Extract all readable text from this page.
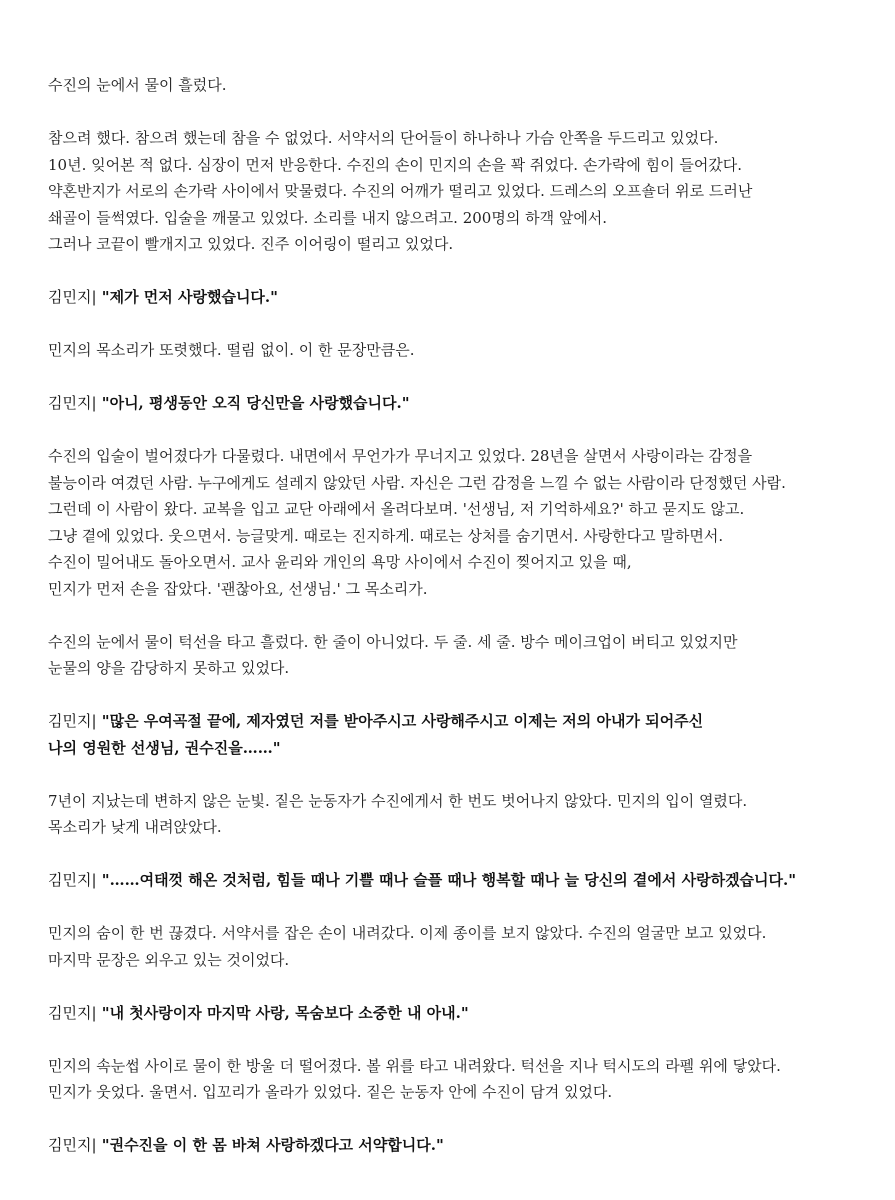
수진의 눈에서 물이 흘렀다.

참으려 했다. 참으려 했는데 참을 수 없었다. 서약서의 단어들이 하나하나 가슴 안쪽을 두드리고 있었다.
10년. 잊어본 적 없다. 심장이 먼저 반응한다. 수진의 손이 민지의 손을 꽉 쥐었다. 손가락에 힘이 들어갔다.
약혼반지가 서로의 손가락 사이에서 맞물렸다. 수진의 어깨가 떨리고 있었다. 드레스의 오프숄더 위로 드러난
쇄골이 들썩였다. 입술을 깨물고 있었다. 소리를 내지 않으려고. 200명의 하객 앞에서.
그러나 코끝이 빨개지고 있었다. 진주 이어링이 떨리고 있었다.

김민지| "제가 먼저 사랑했습니다."

민지의 목소리가 또렷했다. 떨림 없이. 이 한 문장만큼은.

김민지| "아니, 평생동안 오직 당신만을 사랑했습니다."

수진의 입술이 벌어졌다가 다물렸다. 내면에서 무언가가 무너지고 있었다. 28년을 살면서 사랑이라는 감정을
불능이라 여겼던 사람. 누구에게도 설레지 않았던 사람. 자신은 그런 감정을 느낄 수 없는 사람이라 단정했던 사람.
그런데 이 사람이 왔다. 교복을 입고 교단 아래에서 올려다보며. '선생님, 저 기억하세요?' 하고 묻지도 않고.
그냥 곁에 있었다. 웃으면서. 능글맞게. 때로는 진지하게. 때로는 상처를 숨기면서. 사랑한다고 말하면서.
수진이 밀어내도 돌아오면서. 교사 윤리와 개인의 욕망 사이에서 수진이 찢어지고 있을 때,
민지가 먼저 손을 잡았다. '괜찮아요, 선생님.' 그 목소리가.

수진의 눈에서 물이 턱선을 타고 흘렀다. 한 줄이 아니었다. 두 줄. 세 줄. 방수 메이크업이 버티고 있었지만
눈물의 양을 감당하지 못하고 있었다.

김민지| "많은 우여곡절 끝에, 제자였던 저를 받아주시고 사랑해주시고 이제는 저의 아내가 되어주신
나의 영원한 선생님, 권수진을……"

7년이 지났는데 변하지 않은 눈빛. 짙은 눈동자가 수진에게서 한 번도 벗어나지 않았다. 민지의 입이 열렸다.
목소리가 낮게 내려앉았다.

김민지| "……여태껏 해온 것처럼, 힘들 때나 기쁠 때나 슬플 때나 행복할 때나 늘 당신의 곁에서 사랑하겠습니다."

민지의 숨이 한 번 끊겼다. 서약서를 잡은 손이 내려갔다. 이제 종이를 보지 않았다. 수진의 얼굴만 보고 있었다.
마지막 문장은 외우고 있는 것이었다.

김민지| "내 첫사랑이자 마지막 사랑, 목숨보다 소중한 내 아내."

민지의 속눈썹 사이로 물이 한 방울 더 떨어졌다. 볼 위를 타고 내려왔다. 턱선을 지나 턱시도의 라펠 위에 닿았다.
민지가 웃었다. 울면서. 입꼬리가 올라가 있었다. 짙은 눈동자 안에 수진이 담겨 있었다.

김민지| "권수진을 이 한 몸 바쳐 사랑하겠다고 서약합니다."
